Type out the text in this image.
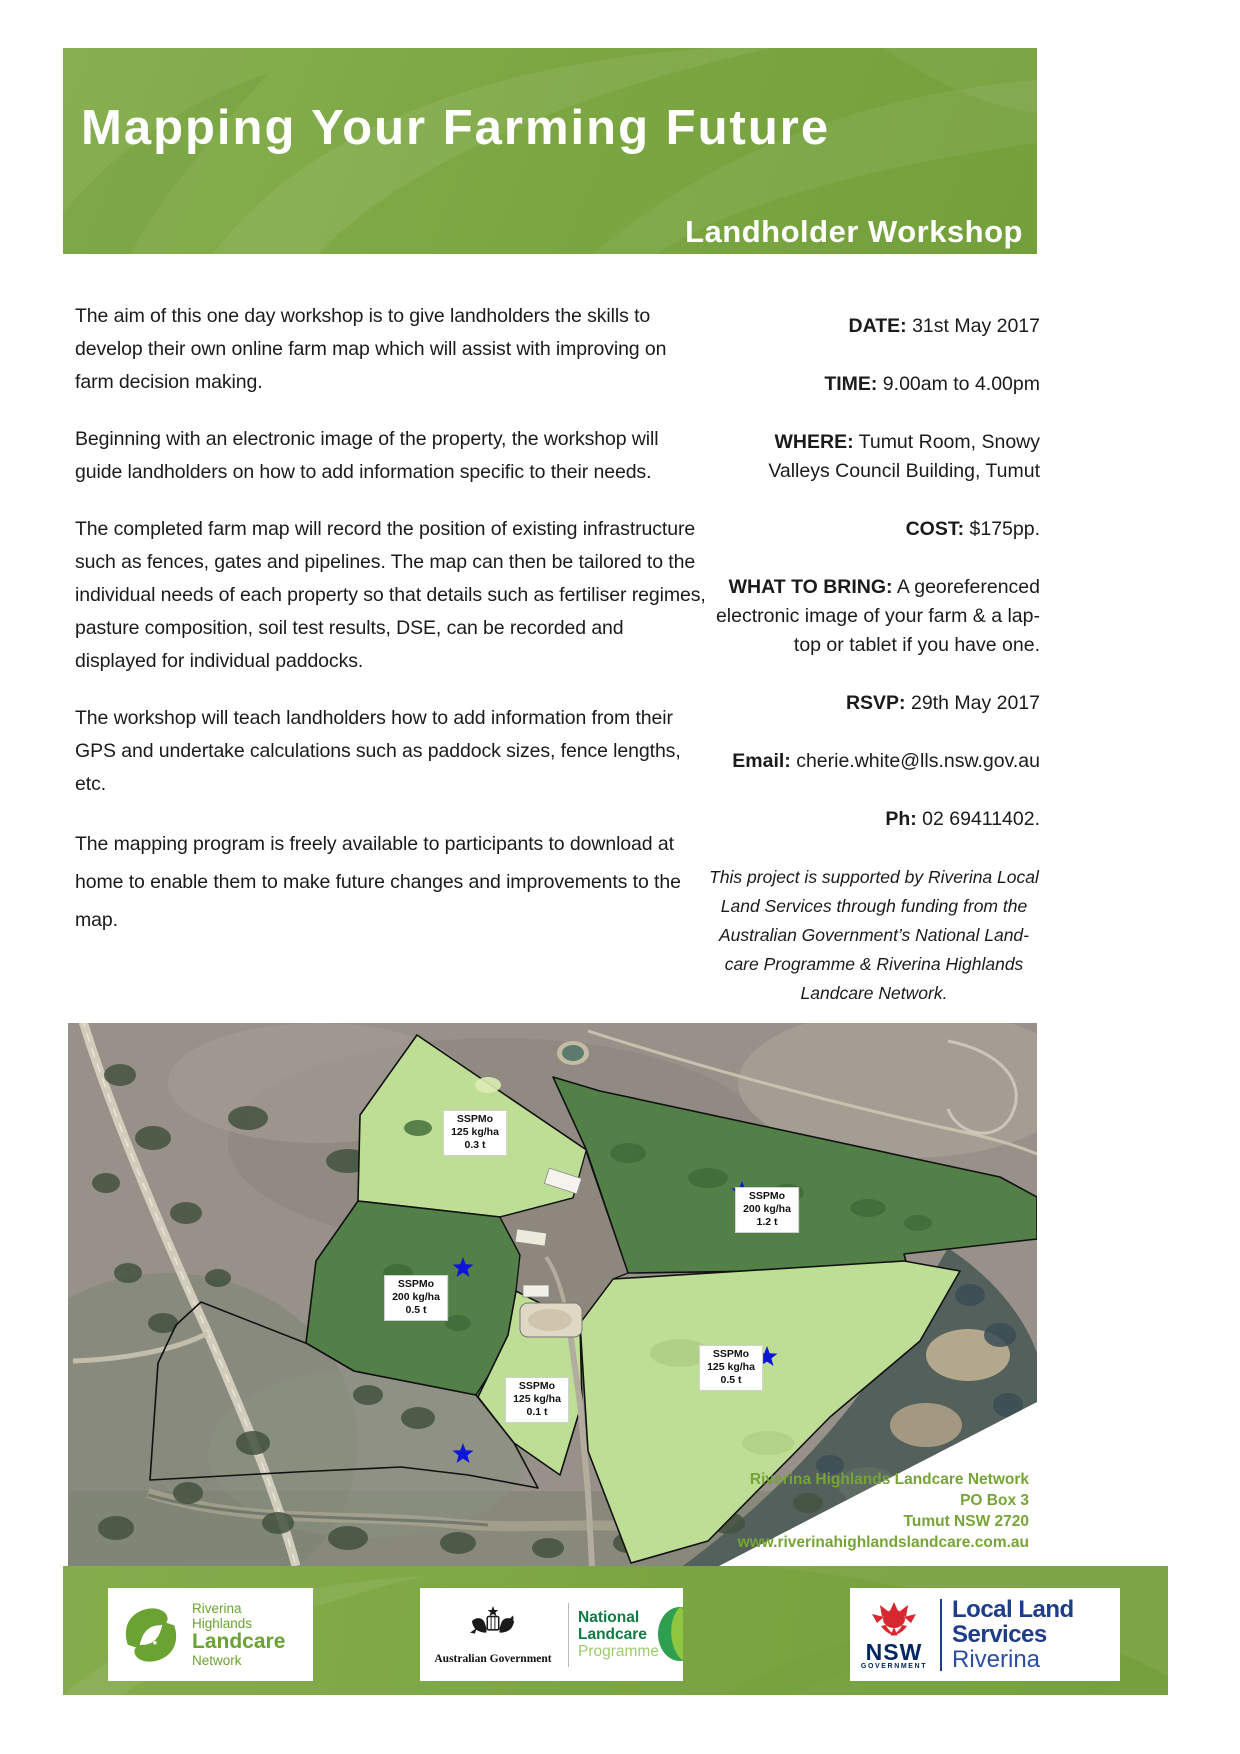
Mapping Your Farming Future
Landholder Workshop

The aim of this one day workshop is to give landholders the skills to develop their own online farm map which will assist with improving on farm decision making.

Beginning with an electronic image of the property, the workshop will guide landholders on how to add information specific to their needs.

The completed farm map will record the position of existing infrastructure such as fences, gates and pipelines. The map can then be tailored to the individual needs of each property so that details such as fertiliser regimes, pasture composition, soil test results, DSE, can be recorded and displayed for individual paddocks.

The workshop will teach landholders how to add information from their GPS and undertake calculations such as paddock sizes, fence lengths, etc.

The mapping program is freely available to participants to download at home to enable them to make future changes and improvements to the map.

DATE: 31st May 2017
TIME: 9.00am to 4.00pm
WHERE: Tumut Room, Snowy Valleys Council Building, Tumut
COST: $175pp.
WHAT TO BRING: A georeferenced electronic image of your farm & a lap-top or tablet if you have one.
RSVP: 29th May 2017
Email: cherie.white@lls.nsw.gov.au
Ph: 02 69411402.

This project is supported by Riverina Local Land Services through funding from the Australian Government’s National Land-care Programme & Riverina Highlands Landcare Network.

SSPMo
125 kg/ha
0.3 t
SSPMo
200 kg/ha
1.2 t
SSPMo
200 kg/ha
0.5 t
SSPMo
125 kg/ha
0.1 t
SSPMo
125 kg/ha
0.5 t
Riverina Highlands Landcare Network
PO Box 3
Tumut NSW 2720
www.riverinahighlandslandcare.com.au
Riverina
Highlands
Landcare
Network	Australian Government
National
Landcare
Programme	NSW
GOVERNMENT
Local Land
Services
Riverina
